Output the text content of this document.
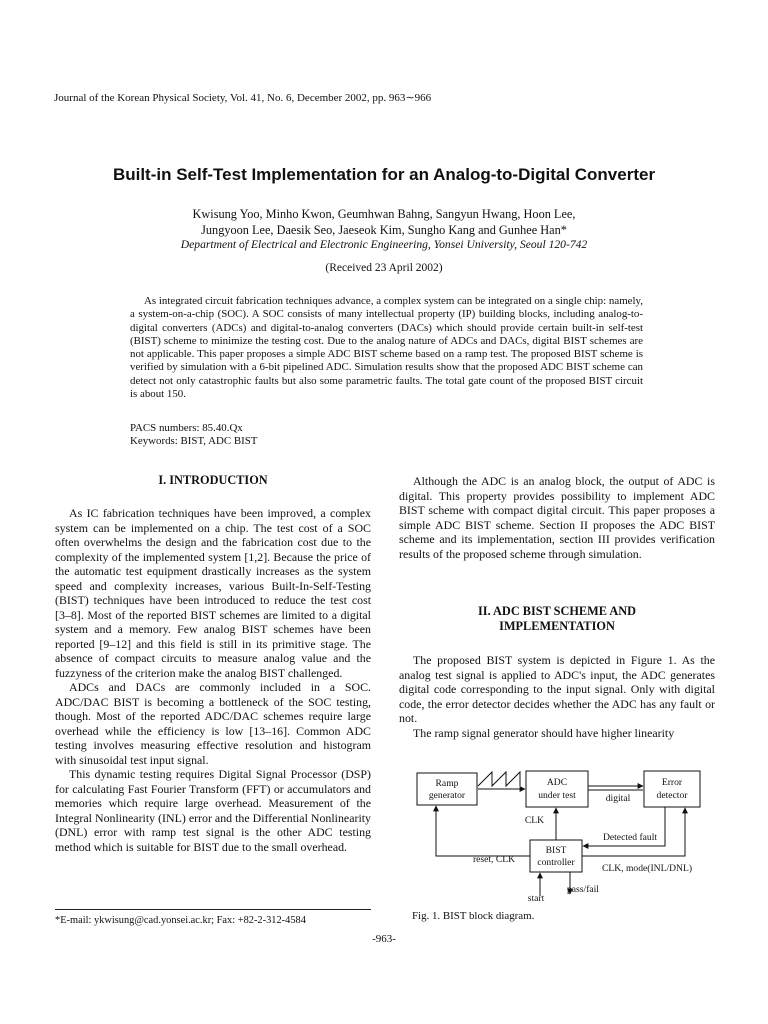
Journal of the Korean Physical Society, Vol. 41, No. 6, December 2002, pp. 963∼966
Built-in Self-Test Implementation for an Analog-to-Digital Converter
Kwisung Yoo, Minho Kwon, Geumhwan Bahng, Sangyun Hwang, Hoon Lee,
Jungyoon Lee, Daesik Seo, Jaeseok Kim, Sungho Kang and Gunhee Han*
Department of Electrical and Electronic Engineering, Yonsei University, Seoul 120-742
(Received 23 April 2002)

As integrated circuit fabrication techniques advance, a complex system can be integrated on a single chip: namely, a system-on-a-chip (SOC). A SOC consists of many intellectual property (IP) building blocks, including analog-to-digital converters (ADCs) and digital-to-analog converters (DACs) which should provide certain built-in self-test (BIST) scheme to minimize the testing cost. Due to the analog nature of ADCs and DACs, digital BIST schemes are not applicable. This paper proposes a simple ADC BIST scheme based on a ramp test. The proposed BIST scheme is verified by simulation with a 6-bit pipelined ADC. Simulation results show that the proposed ADC BIST scheme can detect not only catastrophic faults but also some parametric faults. The total gate count of the proposed BIST circuit is about 150.

PACS numbers: 85.40.Qx
Keywords: BIST, ADC BIST
I. INTRODUCTION

As IC fabrication techniques have been improved, a complex system can be implemented on a chip. The test cost of a SOC often overwhelms the design and the fabrication cost due to the complexity of the implemented system [1,2]. Because the price of the automatic test equipment drastically increases as the system speed and complexity increases, various Built-In-Self-Testing (BIST) techniques have been introduced to reduce the test cost [3–8]. Most of the reported BIST schemes are limited to a digital system and a memory. Few analog BIST schemes have been reported [9–12] and this field is still in its primitive stage. The absence of compact circuits to measure analog value and the fuzzyness of the criterion make the analog BIST challenged.

ADCs and DACs are commonly included in a SOC. ADC/DAC BIST is becoming a bottleneck of the SOC testing, though. Most of the reported ADC/DAC schemes require large overhead while the efficiency is low [13–16]. Common ADC testing involves measuring effective resolution and histogram with sinusoidal test input signal.

This dynamic testing requires Digital Signal Processor (DSP) for calculating Fast Fourier Transform (FFT) or accumulators and memories which require large overhead. Measurement of the Integral Nonlinearity (INL) error and the Differential Nonlinearity (DNL) error with ramp test signal is the other ADC testing method which is suitable for BIST due to the small overhead.

Although the ADC is an analog block, the output of ADC is digital. This property provides possibility to implement ADC BIST scheme with compact digital circuit. This paper proposes a simple ADC BIST scheme. Section II proposes the ADC BIST scheme and its implementation, section III provides verification results of the proposed scheme through simulation.

II. ADC BIST SCHEME AND
IMPLEMENTATION

The proposed BIST system is depicted in Figure 1. As the analog test signal is applied to ADC's input, the ADC generates digital code corresponding to the input signal. Only with digital code, the error detector decides whether the ADC has any fault or not.

The ramp signal generator should have higher linearity

Ramp
generator
ADC
under test	digital
Error
detector
BIST
controller
CLK
reset, CLK
Detected fault
CLK, mode(INL/DNL)
start
pass/fail
Fig. 1. BIST block diagram.
*E-mail: ykwisung@cad.yonsei.ac.kr; Fax: +82-2-312-4584
-963-
